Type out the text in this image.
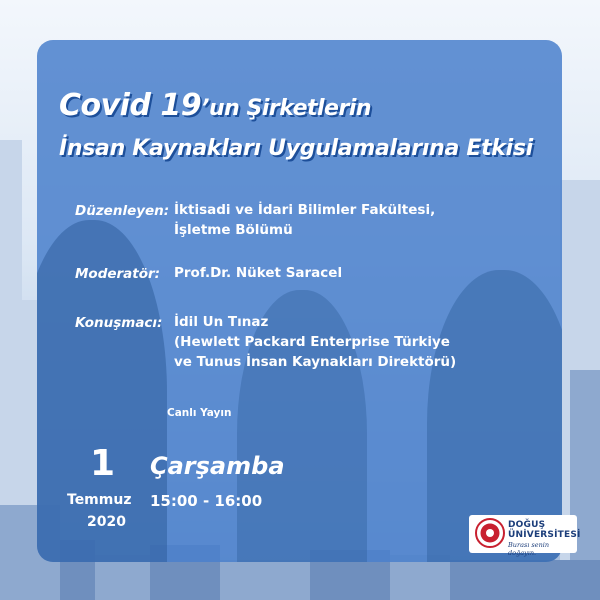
Covid 19’un Şirketlerin
İnsan Kaynakları Uygulamalarına Etkisi
Düzenleyen: İktisadi ve İdari Bilimler Fakültesi,
İşletme Bölümü
Moderatör: Prof.Dr. Nüket Saracel
Konuşmacı: İdil Un Tınaz
(Hewlett Packard Enterprise Türkiye
ve Tunus İnsan Kaynakları Direktörü)
Canlı Yayın
1
Temmuz
2020
Çarşamba
15:00 - 16:00
DOĞUŞ
ÜNİVERSİTESİ
Burası senin doğayın.
